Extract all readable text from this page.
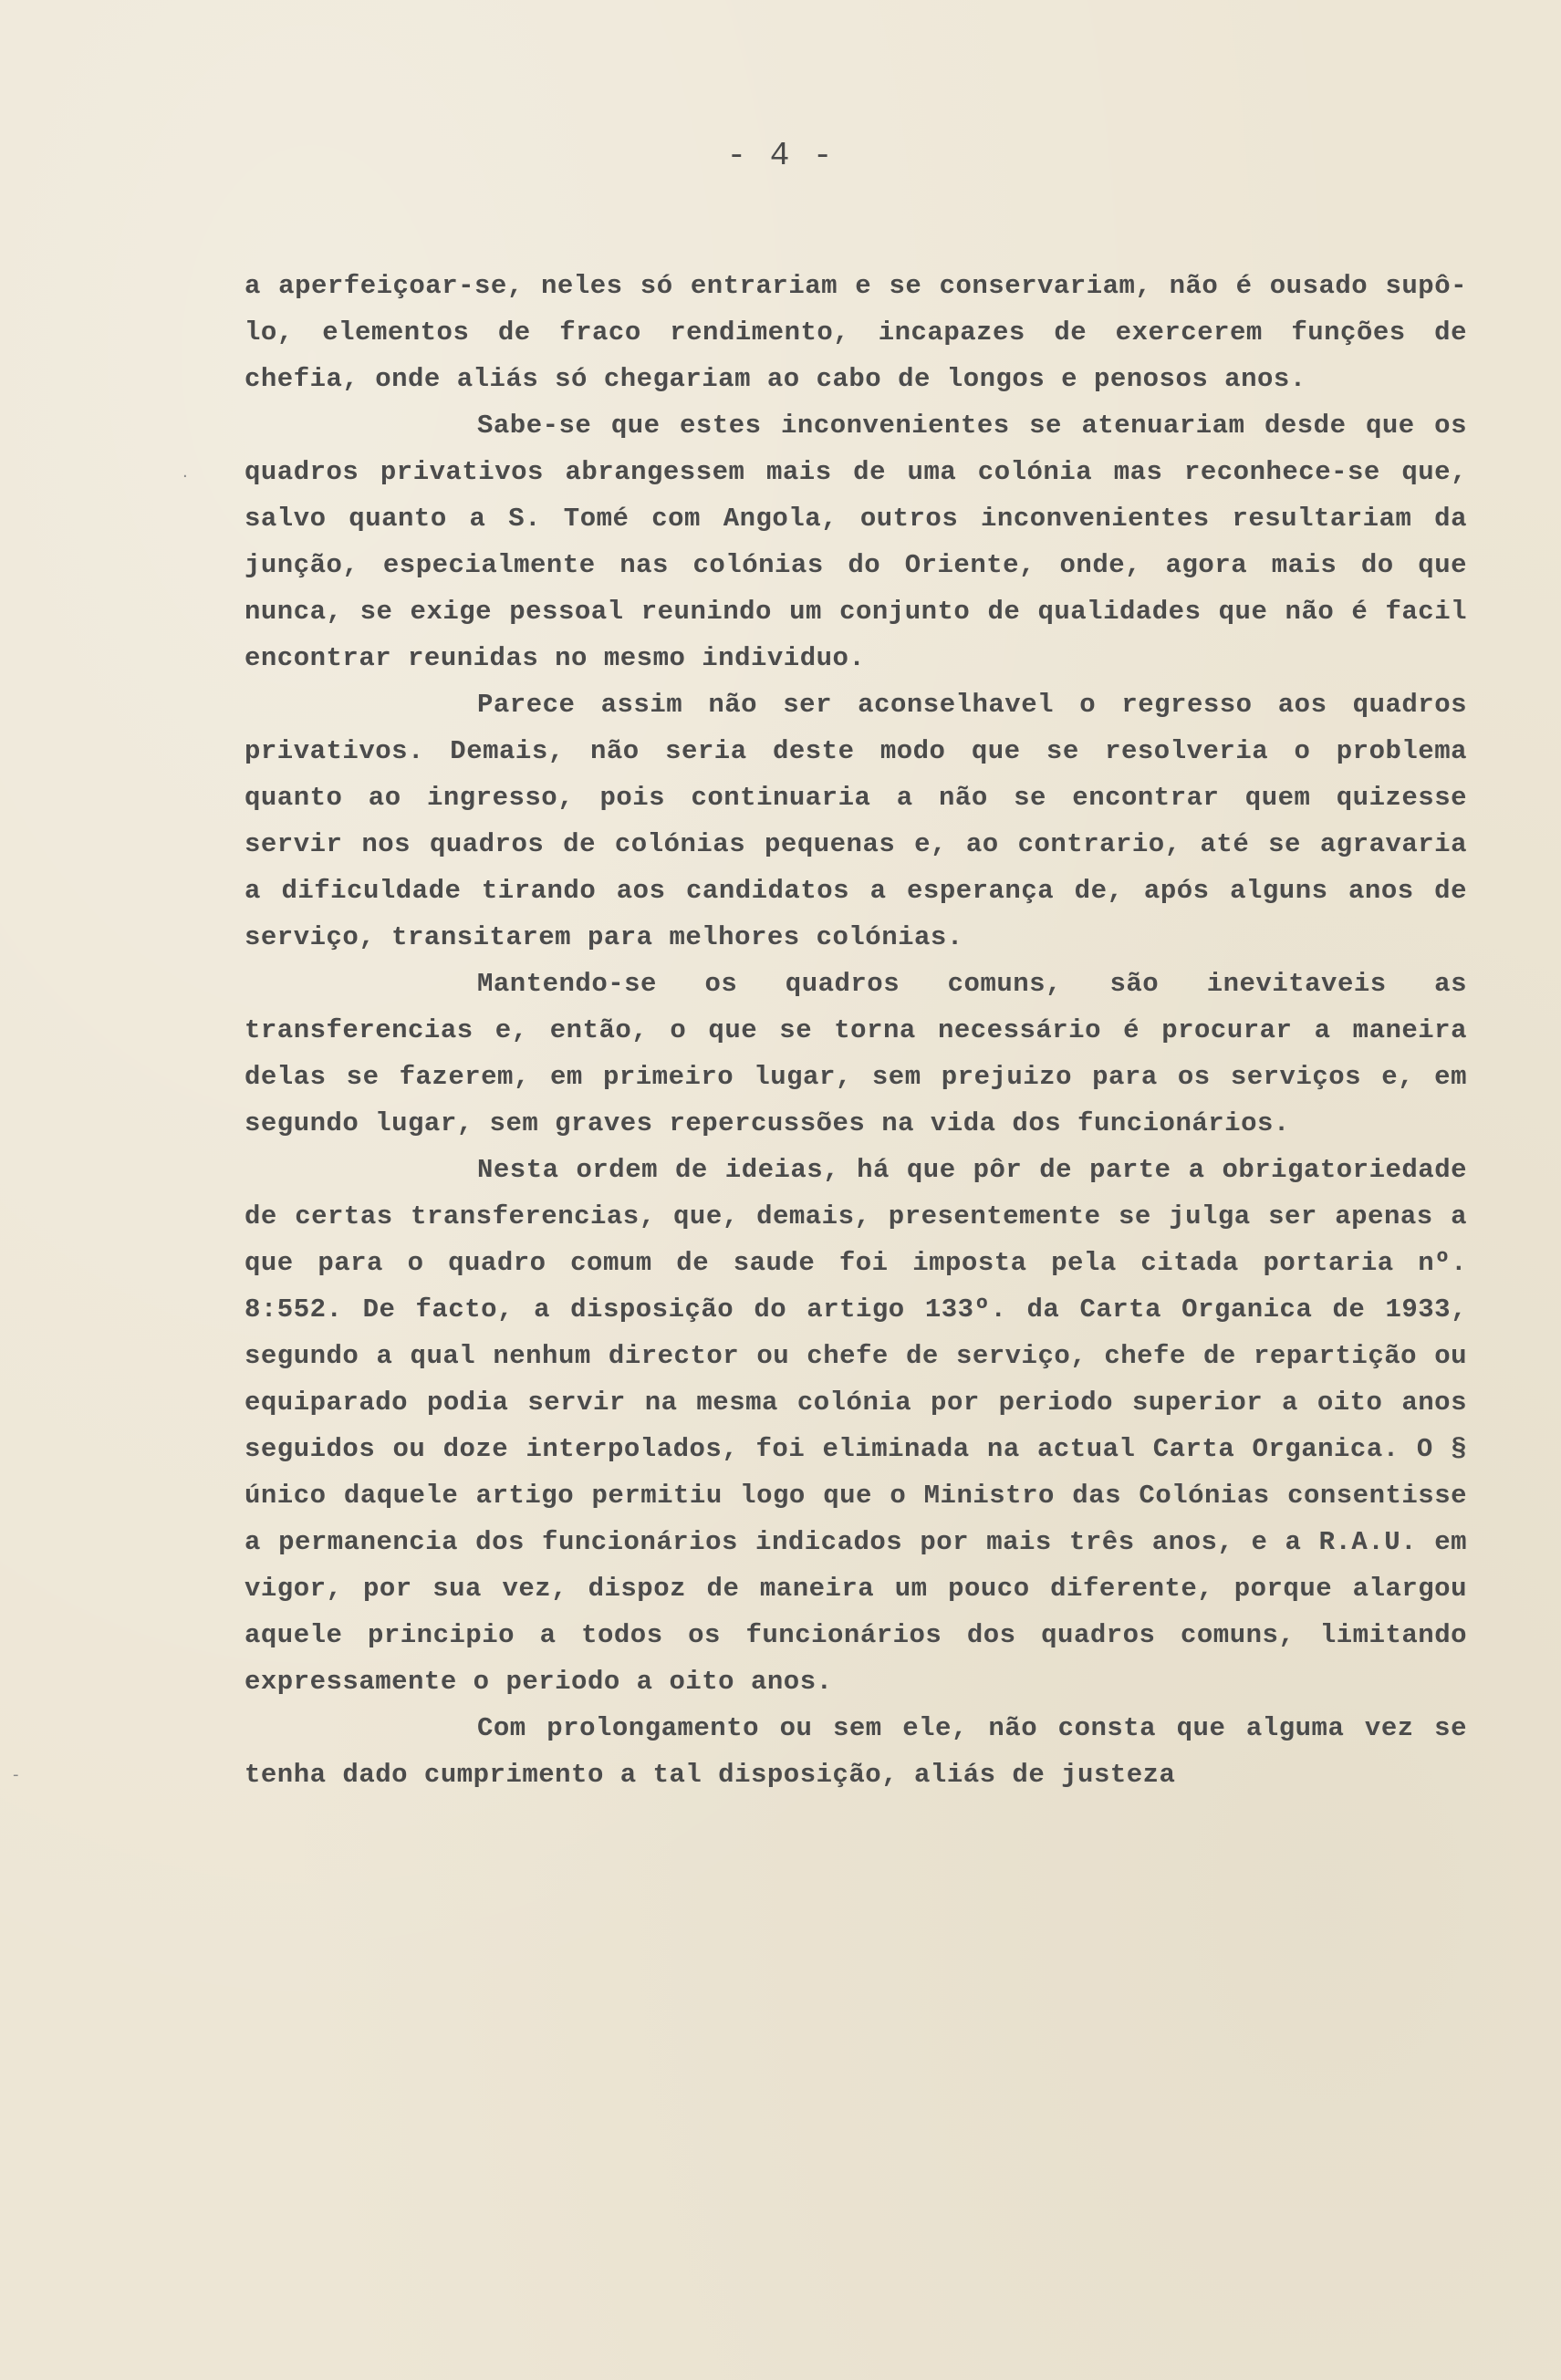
- 4 -

a aperfeiçoar-se, neles só entrariam e se conservariam, não é ousado supô-lo, elementos de fraco rendimento, incapazes de exercerem funções de chefia, onde aliás só chegariam ao cabo de longos e penosos anos.

Sabe-se que estes inconvenientes se atenuariam desde que os quadros privativos abrangessem mais de uma colónia mas reconhece-se que, salvo quanto a S. Tomé com Angola, outros inconvenientes resultariam da junção, especialmente nas colónias do Oriente, onde, agora mais do que nunca, se exige pessoal reunindo um conjunto de qualidades que não é facil encontrar reunidas no mesmo individuo.

Parece assim não ser aconselhavel o regresso aos quadros privativos. Demais, não seria deste modo que se resolveria o problema quanto ao ingresso, pois continuaria a não se encontrar quem quizesse servir nos quadros de colónias pequenas e, ao contrario, até se agravaria a dificuldade tirando aos candidatos a esperança de, após alguns anos de serviço, transitarem para melhores colónias.

Mantendo-se os quadros comuns, são inevitaveis as transferencias e, então, o que se torna necessário é procurar a maneira delas se fazerem, em primeiro lugar, sem prejuizo para os serviços e, em segundo lugar, sem graves repercussões na vida dos funcionários.

Nesta ordem de ideias, há que pôr de parte a obrigatoriedade de certas transferencias, que, demais, presentemente se julga ser apenas a que para o quadro comum de saude foi imposta pela citada portaria nº. 8:552. De facto, a disposição do artigo 133º. da Carta Organica de 1933, segundo a qual nenhum director ou chefe de serviço, chefe de repartição ou equiparado podia servir na mesma colónia por periodo superior a oito anos seguidos ou doze interpolados, foi eliminada na actual Carta Organica. O § único daquele artigo permitiu logo que o Ministro das Colónias consentisse a permanencia dos funcionários indicados por mais três anos, e a R.A.U. em vigor, por sua vez, dispoz de maneira um pouco diferente, porque alargou aquele principio a todos os funcionários dos quadros comuns, limitando expressamente o periodo a oito anos.

Com prolongamento ou sem ele, não consta que alguma vez se tenha dado cumprimento a tal disposição, aliás de justeza

·
-
